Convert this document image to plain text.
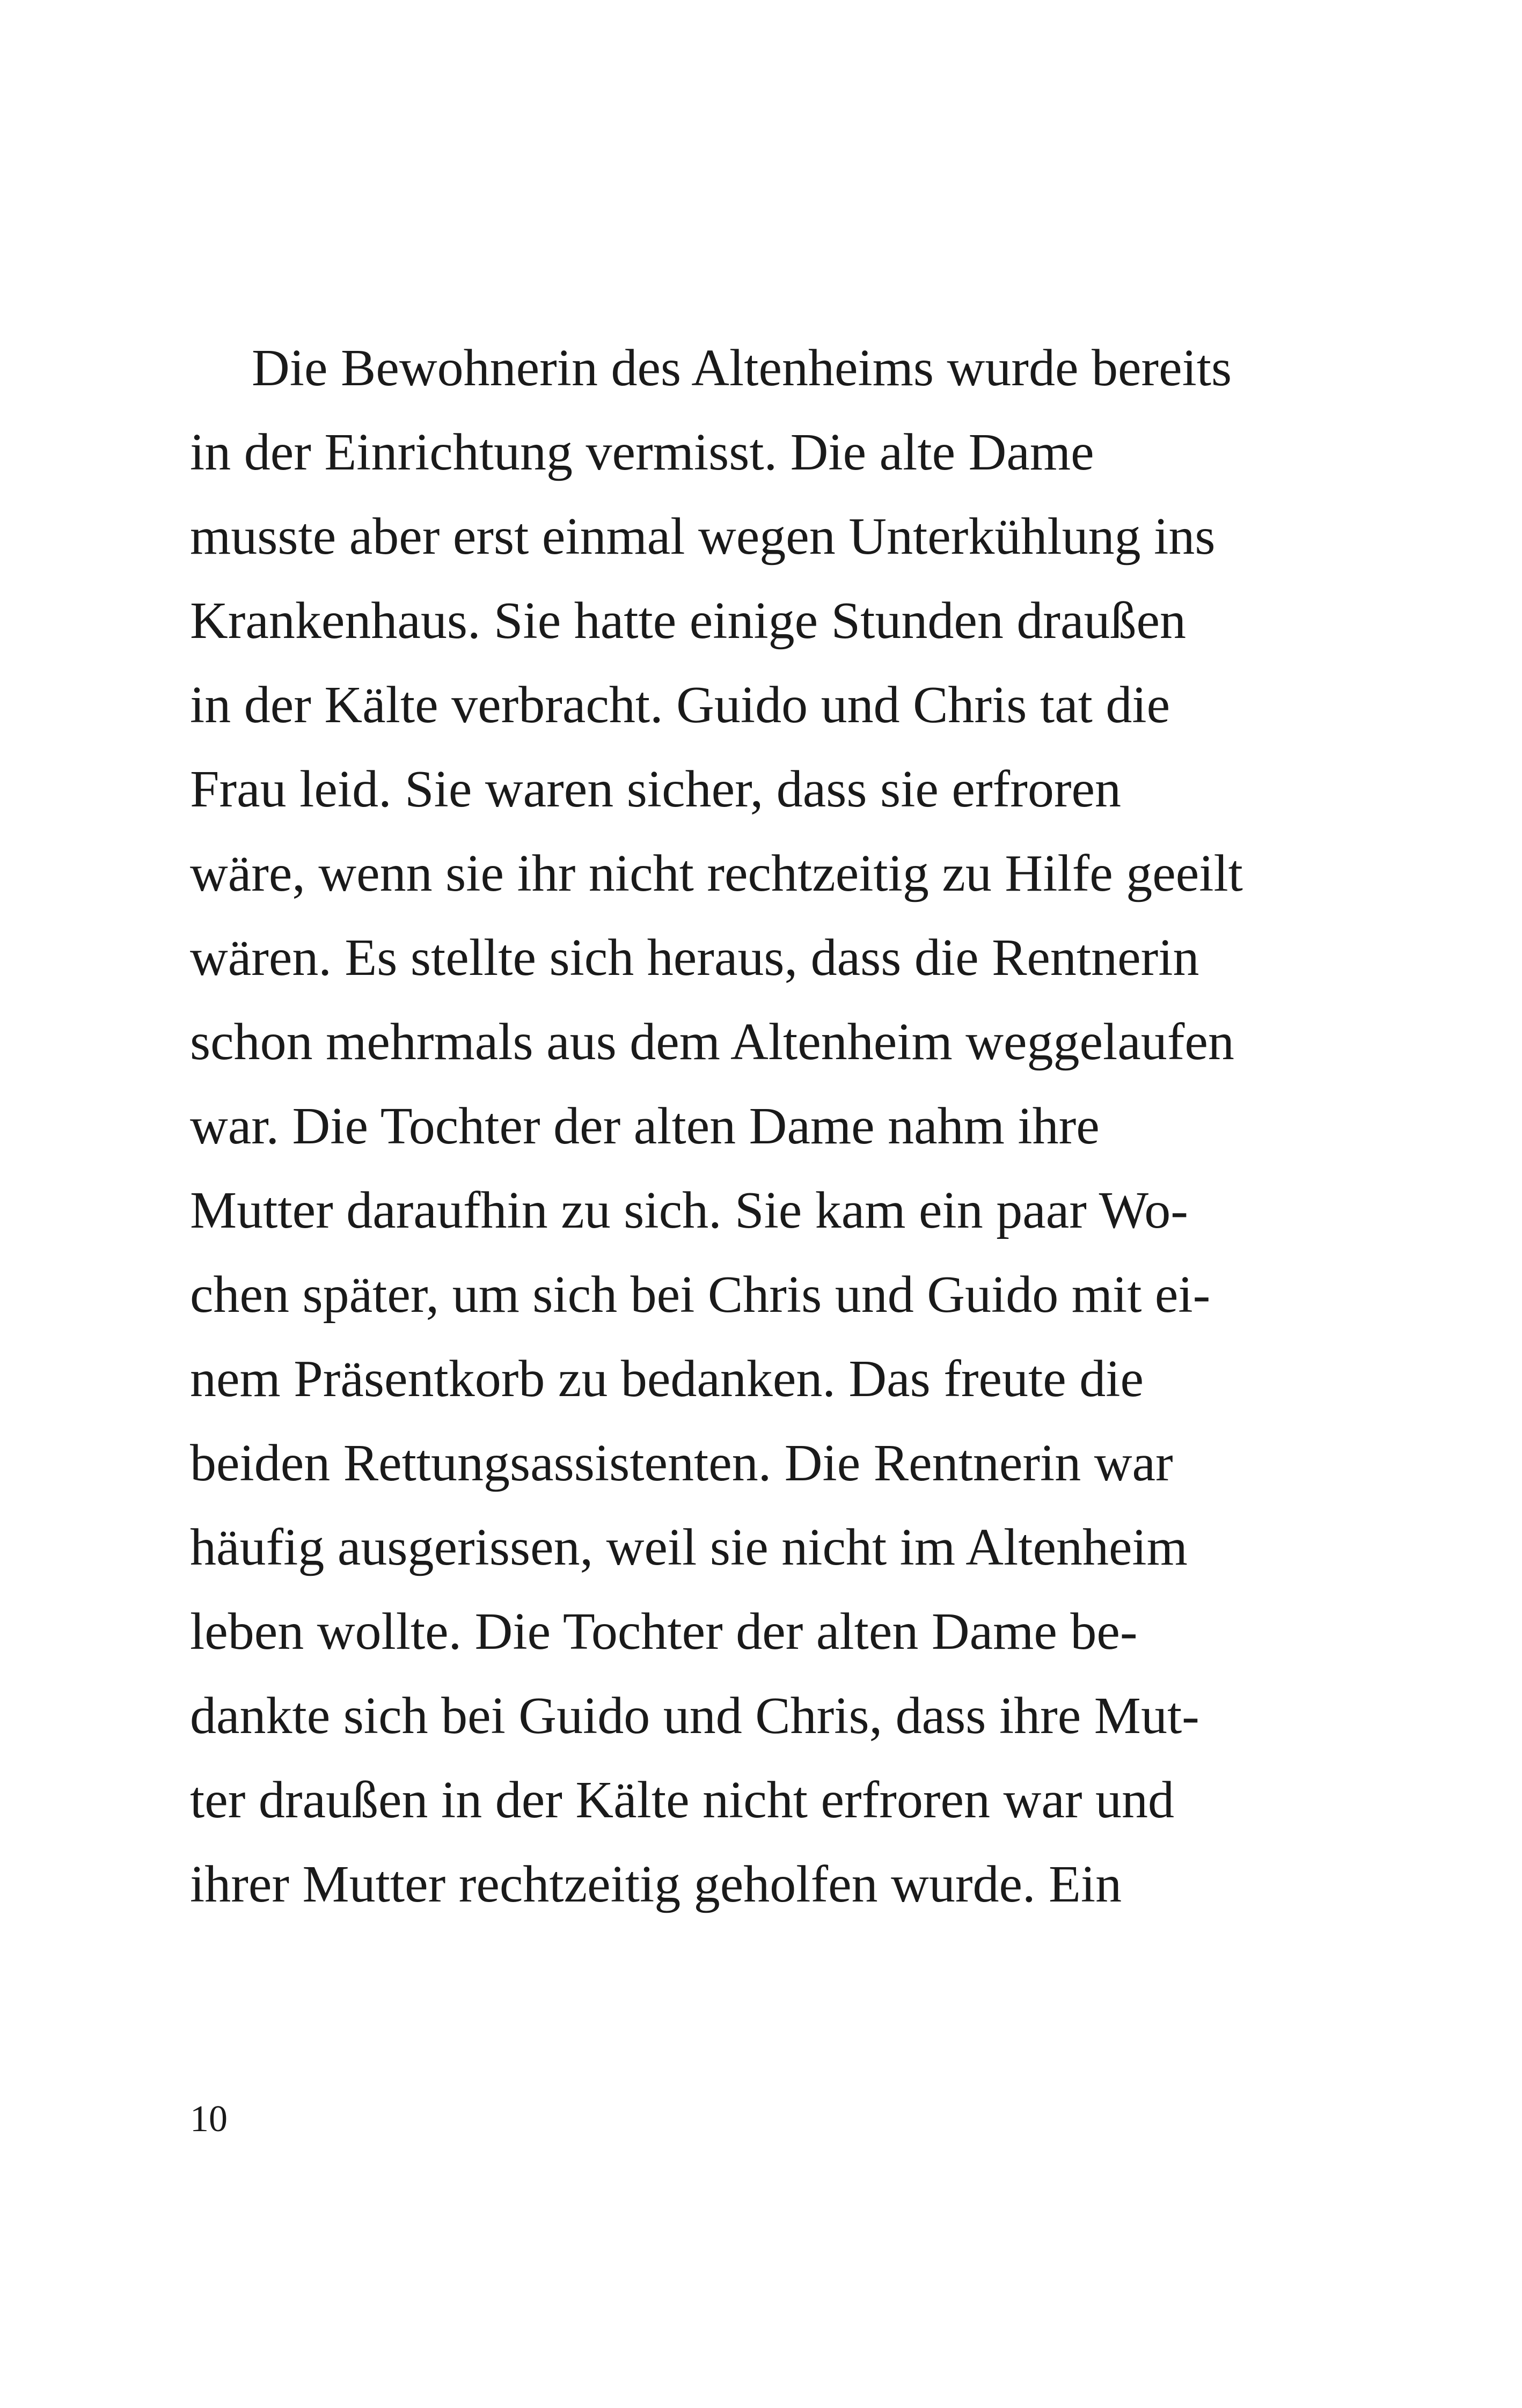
Die Bewohnerin des Altenheims wurde bereits
in der Einrichtung vermisst. Die alte Dame
musste aber erst einmal wegen Unterkühlung ins
Krankenhaus. Sie hatte einige Stunden draußen
in der Kälte verbracht. Guido und Chris tat die
Frau leid. Sie waren sicher, dass sie erfroren
wäre, wenn sie ihr nicht rechtzeitig zu Hilfe geeilt
wären. Es stellte sich heraus, dass die Rentnerin
schon mehrmals aus dem Altenheim weggelaufen
war. Die Tochter der alten Dame nahm ihre
Mutter daraufhin zu sich. Sie kam ein paar Wo-
chen später, um sich bei Chris und Guido mit ei-
nem Präsentkorb zu bedanken. Das freute die
beiden Rettungsassistenten. Die Rentnerin war
häufig ausgerissen, weil sie nicht im Altenheim
leben wollte. Die Tochter der alten Dame be-
dankte sich bei Guido und Chris, dass ihre Mut-
ter draußen in der Kälte nicht erfroren war und
ihrer Mutter rechtzeitig geholfen wurde. Ein
10
